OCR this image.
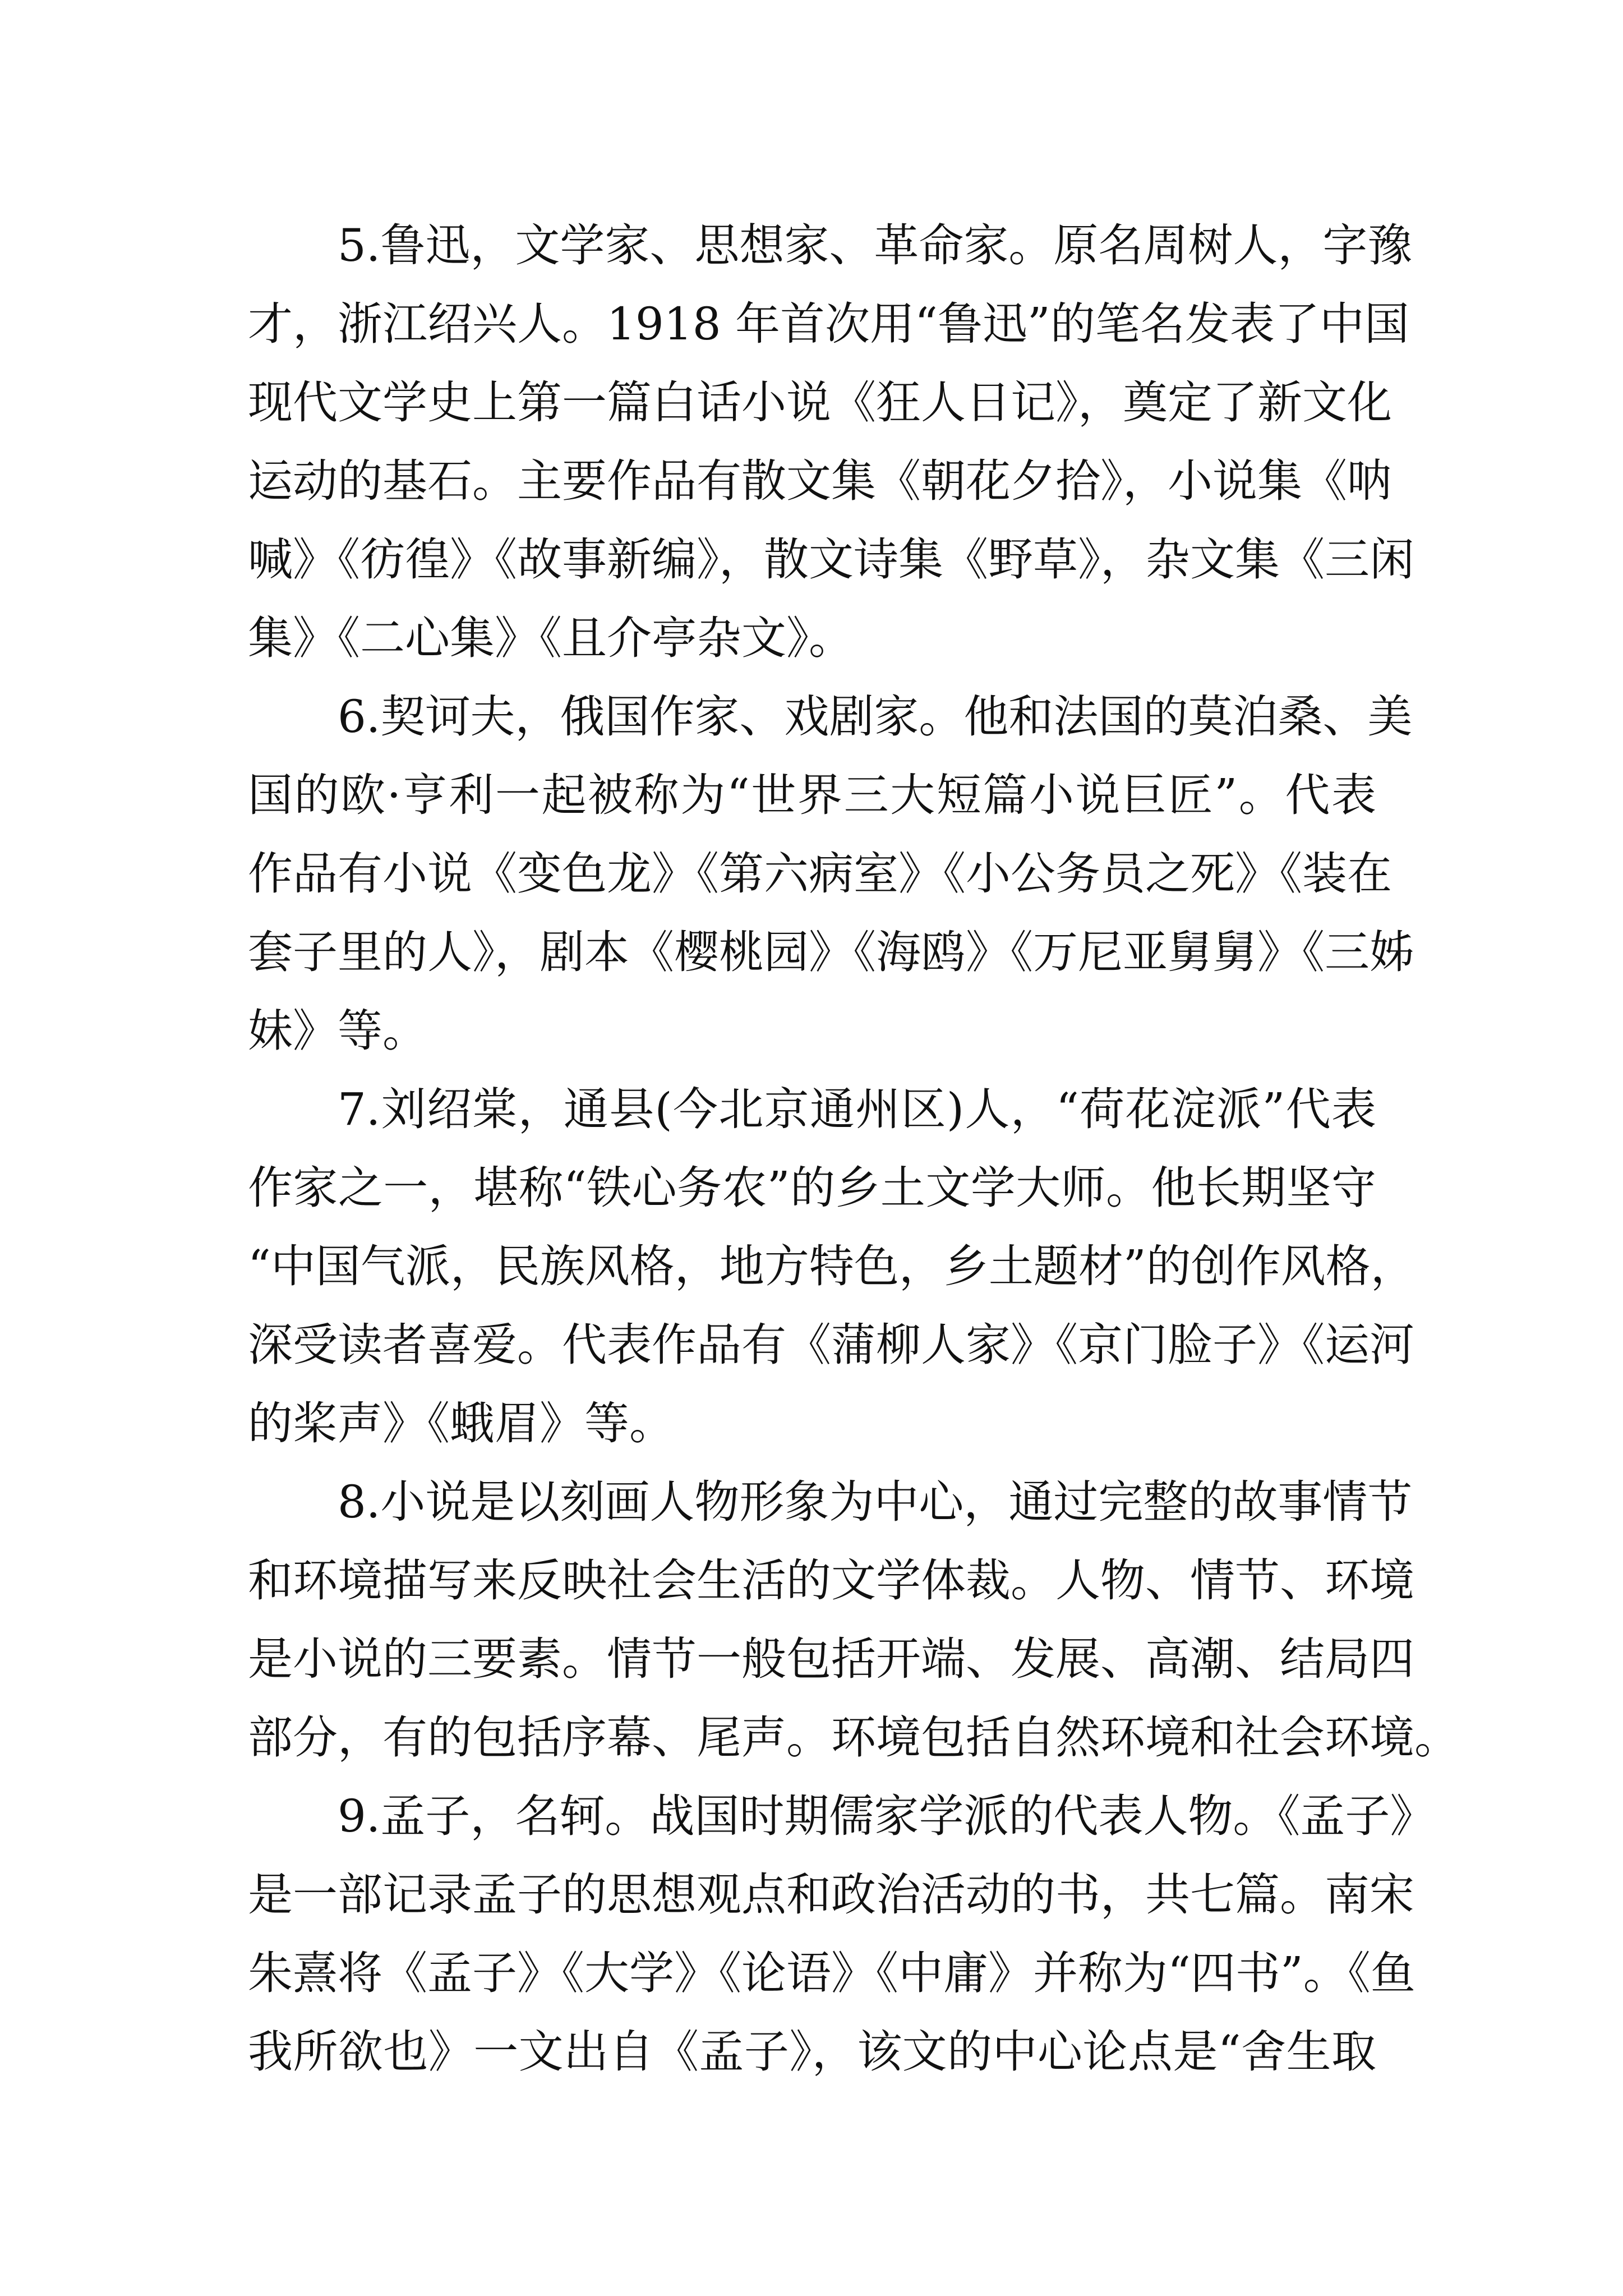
5.鲁迅，文学家、思想家、革命家。原名周树人，字豫
才，浙江绍兴人。1918 年首次用“鲁迅”的笔名发表了中国
现代文学史上第一篇白话小说《狂人日记》，奠定了新文化
运动的基石。主要作品有散文集《朝花夕拾》，小说集《呐
喊》《彷徨》《故事新编》，散文诗集《野草》，杂文集《三闲
集》《二心集》《且介亭杂文》。
6.契诃夫，俄国作家、戏剧家。他和法国的莫泊桑、美
国的欧·亨利一起被称为“世界三大短篇小说巨匠”。代表
作品有小说《变色龙》《第六病室》《小公务员之死》《装在
套子里的人》，剧本《樱桃园》《海鸥》《万尼亚舅舅》《三姊
妹》等。
7.刘绍棠，通县(今北京通州区)人，“荷花淀派”代表
作家之一，堪称“铁心务农”的乡土文学大师。他长期坚守
“中国气派，民族风格，地方特色，乡土题材”的创作风格，
深受读者喜爱。代表作品有《蒲柳人家》《京门脸子》《运河
的桨声》《蛾眉》等。
8.小说是以刻画人物形象为中心，通过完整的故事情节
和环境描写来反映社会生活的文学体裁。人物、情节、环境
是小说的三要素。情节一般包括开端、发展、高潮、结局四
部分，有的包括序幕、尾声。环境包括自然环境和社会环境。
9.孟子，名轲。战国时期儒家学派的代表人物。《孟子》
是一部记录孟子的思想观点和政治活动的书，共七篇。南宋
朱熹将《孟子》《大学》《论语》《中庸》并称为“四书”。《鱼
我所欲也》一文出自《孟子》，该文的中心论点是“舍生取
